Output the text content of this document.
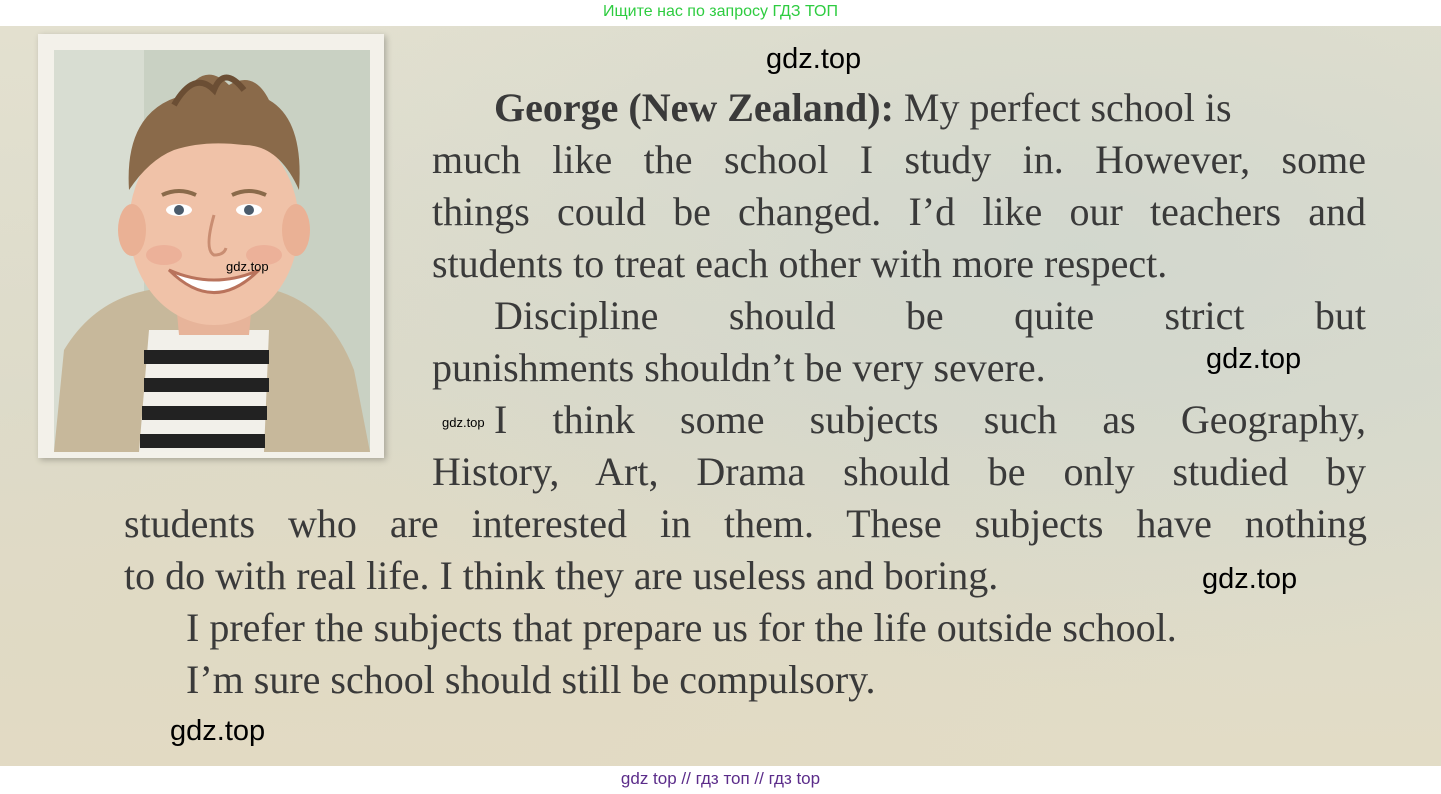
Ищите нас по запросу ГДЗ ТОП
George (New Zealand): My perfect school is
much like the school I study in. However, some
things could be changed. I’d like our teachers and
students to treat each other with more respect.
Discipline should be quite strict but
punishments shouldn’t be very severe.
I think some subjects such as Geography,
History, Art, Drama should be only studied by
students who are interested in them. These subjects have nothing
to do with real life. I think they are useless and boring.
I prefer the subjects that prepare us for the life outside school.
I’m sure school should still be compulsory.
gdz.top
gdz.top
gdz.top
gdz.top
gdz.top
gdz.top
gdz top // гдз топ // гдз top
